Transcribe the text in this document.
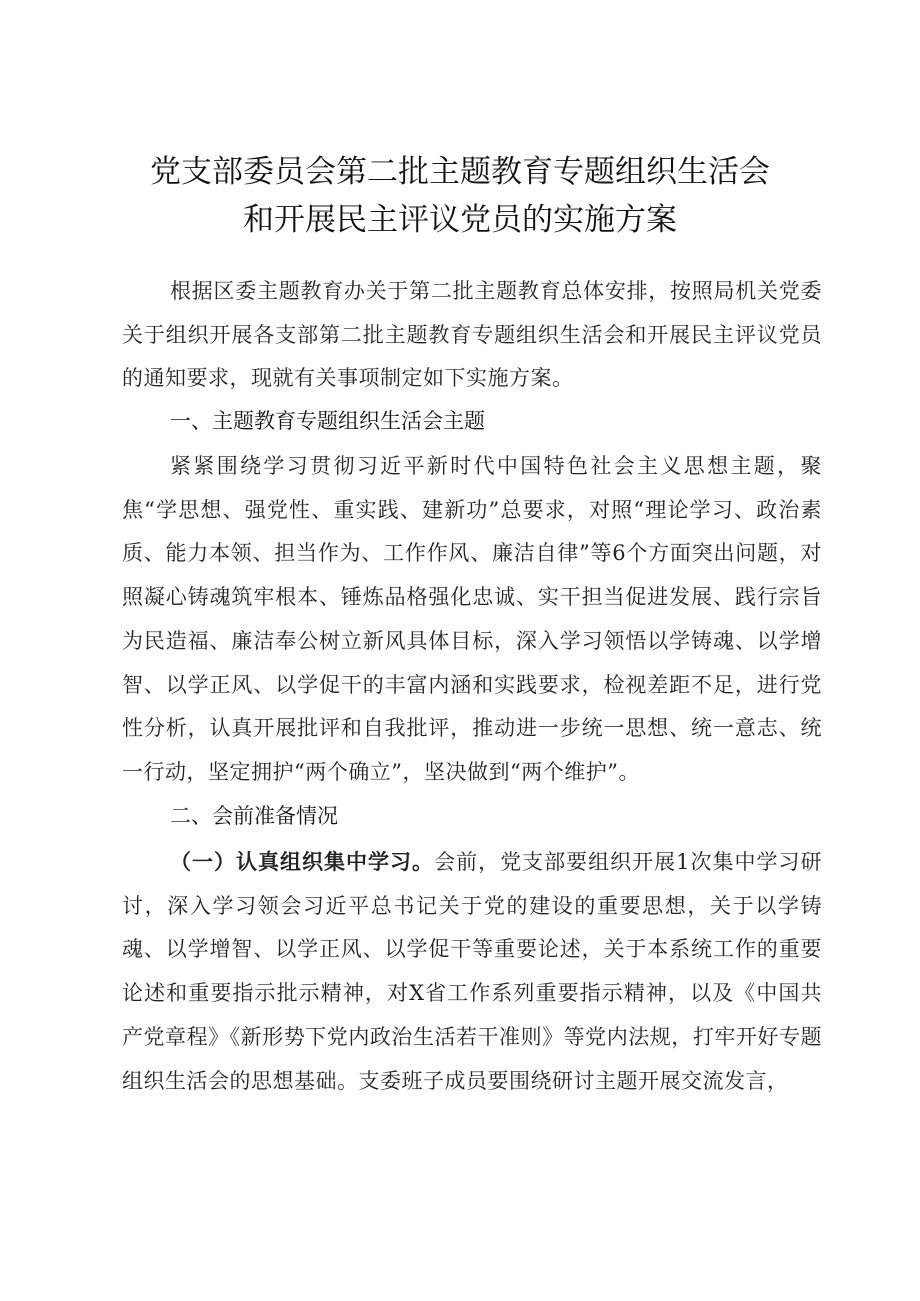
党支部委员会第二批主题教育专题组织生活会
和开展民主评议党员的实施方案

根据区委主题教育办关于第二批主题教育总体安排，按照局机关党委关于组织开展各支部第二批主题教育专题组织生活会和开展民主评议党员的通知要求，现就有关事项制定如下实施方案。

一、主题教育专题组织生活会主题

紧紧围绕学习贯彻习近平新时代中国特色社会主义思想主题，聚焦“学思想、强党性、重实践、建新功”总要求，对照“理论学习、政治素质、能力本领、担当作为、工作作风、廉洁自律”等6个方面突出问题，对照凝心铸魂筑牢根本、锤炼品格强化忠诚、实干担当促进发展、践行宗旨为民造福、廉洁奉公树立新风具体目标，深入学习领悟以学铸魂、以学增智、以学正风、以学促干的丰富内涵和实践要求，检视差距不足，进行党性分析，认真开展批评和自我批评，推动进一步统一思想、统一意志、统一行动，坚定拥护“两个确立”，坚决做到“两个维护”。

二、会前准备情况

（一）认真组织集中学习。会前，党支部要组织开展1次集中学习研讨，深入学习领会习近平总书记关于党的建设的重要思想，关于以学铸魂、以学增智、以学正风、以学促干等重要论述，关于本系统工作的重要论述和重要指示批示精神，对X省工作系列重要指示精神，以及《中国共产党章程》《新形势下党内政治生活若干准则》等党内法规，打牢开好专题组织生活会的思想基础。支委班子成员要围绕研讨主题开展交流发言，
